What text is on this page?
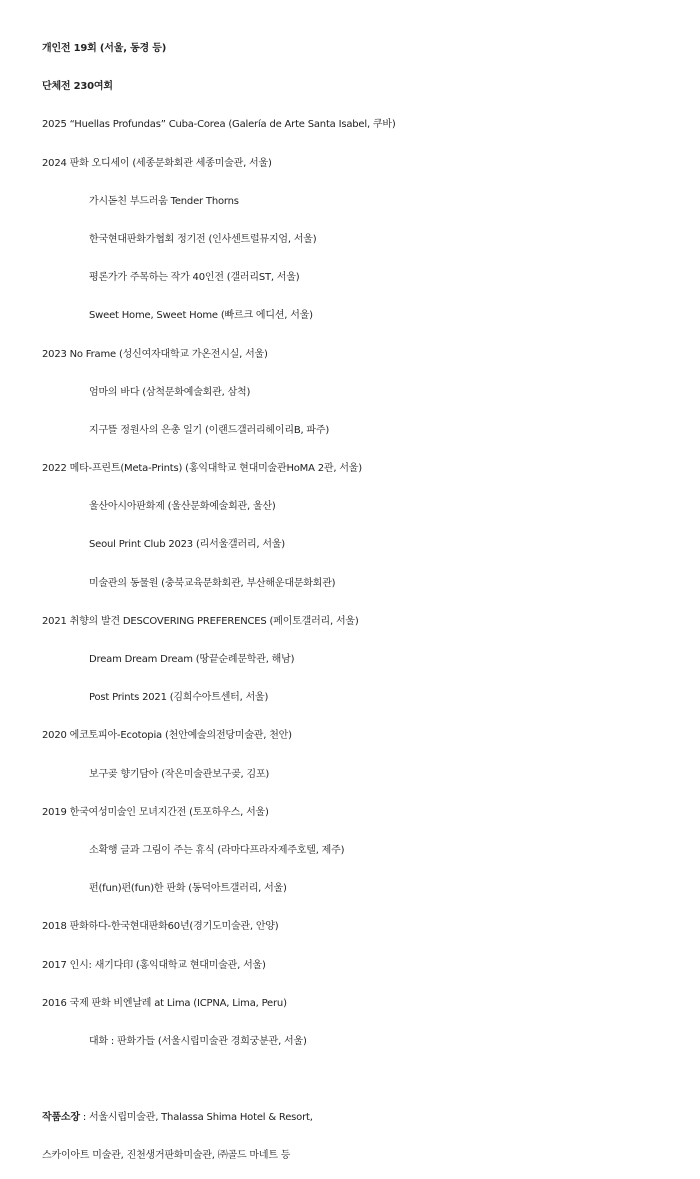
개인전 19회 (서울, 동경 등)
단체전 230여회
2025 “Huellas Profundas” Cuba-Corea (Galería de Arte Santa Isabel, 쿠바)
2024 판화 오디세이 (세종문화회관 세종미술관, 서울)
가시돋친 부드러움 Tender Thorns
한국현대판화가협회 정기전 (인사센트럴뮤지엄, 서울)
평론가가 주목하는 작가 40인전 (갤러리ST, 서울)
Sweet Home, Sweet Home (빠르크 에디션, 서울)
2023 No Frame (성신여자대학교 가온전시실, 서울)
엄마의 바다 (삼척문화예술회관, 삼척)
지구뜰 정원사의 은총 일기 (이랜드갤러리헤이리B, 파주)
2022 메타-프린트(Meta-Prints) (홍익대학교 현대미술관HoMA 2관, 서울)
울산아시아판화제 (울산문화예술회관, 울산)
Seoul Print Club 2023 (리서울갤러리, 서울)
미술관의 동물원 (충북교육문화회관, 부산해운대문화회관)
2021 취향의 발견 DESCOVERING PREFERENCES (페이토갤러리, 서울)
Dream Dream Dream (땅끝순례문학관, 해남)
Post Prints 2021 (김희수아트센터, 서울)
2020 에코토피아-Ecotopia (천안예술의전당미술관, 천안)
보구곶 향기담아 (작은미술관보구곶, 김포)
2019 한국여성미술인 모녀지간전 (토포하우스, 서울)
소확행 글과 그림이 주는 휴식 (라마다프라자제주호텔, 제주)
펀(fun)펀(fun)한 판화 (동덕아트갤러리, 서울)
2018 판화하다-한국현대판화60년(경기도미술관, 안양)
2017 인시: 새기다印 (홍익대학교 현대미술관, 서울)
2016 국제 판화 비엔날레 at Lima (ICPNA, Lima, Peru)
대화 : 판화가들 (서울시립미술관 경희궁분관, 서울)
작품소장 : 서울시립미술관, Thalassa Shima Hotel & Resort,
스카이아트 미술관, 진천생거판화미술관, ㈜골드 마네트 등
